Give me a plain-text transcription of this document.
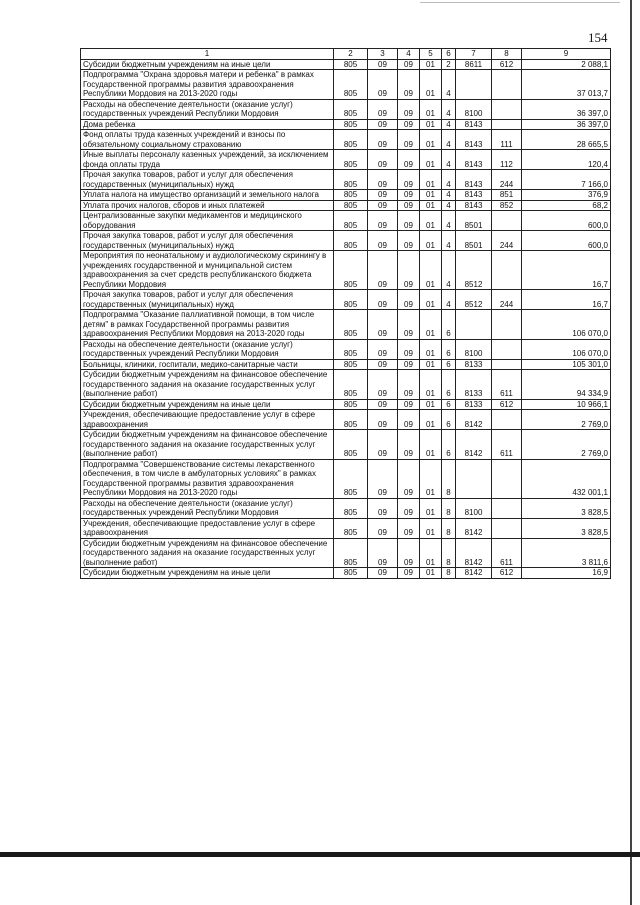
154
1	2	3	4	5	6	7	8	9
Субсидии бюджетным учреждениям на иные цели	805	09	09	01	2	8611	612	2 088,1
Подпрограмма "Охрана здоровья матери и ребенка" в рамках Государственной программы развития здравоохранения Республики Мордовия на 2013-2020 годы	805	09	09	01	4			37 013,7
Расходы на обеспечение деятельности (оказание услуг) государственных учреждений Республики Мордовия	805	09	09	01	4	8100		36 397,0
Дома ребенка	805	09	09	01	4	8143		36 397,0
Фонд оплаты труда казенных учреждений и взносы по обязательному социальному страхованию	805	09	09	01	4	8143	111	28 665,5
Иные выплаты персоналу казенных учреждений, за исключением фонда оплаты труда	805	09	09	01	4	8143	112	120,4
Прочая закупка товаров, работ и услуг для обеспечения государственных (муниципальных) нужд	805	09	09	01	4	8143	244	7 166,0
Уплата налога на имущество организаций и земельного налога	805	09	09	01	4	8143	851	376,9
Уплата прочих налогов, сборов и иных платежей	805	09	09	01	4	8143	852	68,2
Централизованные закупки медикаментов и медицинского оборудования	805	09	09	01	4	8501		600,0
Прочая закупка товаров, работ и услуг для обеспечения государственных (муниципальных) нужд	805	09	09	01	4	8501	244	600,0
Мероприятия по неонатальному и аудиологическому скринингу в учреждениях государственной и муниципальной систем здравоохранения за счет средств республиканского бюджета Республики Мордовия	805	09	09	01	4	8512		16,7
Прочая закупка товаров, работ и услуг для обеспечения государственных (муниципальных) нужд	805	09	09	01	4	8512	244	16,7
Подпрограмма "Оказание паллиативной помощи, в том числе детям" в рамках Государственной программы развития здравоохранения Республики Мордовия на 2013-2020 годы	805	09	09	01	6			106 070,0
Расходы на обеспечение деятельности (оказание услуг) государственных учреждений Республики Мордовия	805	09	09	01	6	8100		106 070,0
Больницы, клиники, госпитали, медико-санитарные части	805	09	09	01	6	8133		105 301,0
Субсидии бюджетным учреждениям на финансовое обеспечение государственного задания на оказание государственных услуг (выполнение работ)	805	09	09	01	6	8133	611	94 334,9
Субсидии бюджетным учреждениям на иные цели	805	09	09	01	6	8133	612	10 966,1
Учреждения, обеспечивающие предоставление услуг в сфере здравоохранения	805	09	09	01	6	8142		2 769,0
Субсидии бюджетным учреждениям на финансовое обеспечение государственного задания на оказание государственных услуг (выполнение работ)	805	09	09	01	6	8142	611	2 769,0
Подпрограмма "Совершенствование системы лекарственного обеспечения, в том числе в амбулаторных условиях" в рамках Государственной программы развития здравоохранения Республики Мордовия на 2013-2020 годы	805	09	09	01	8			432 001,1
Расходы на обеспечение деятельности (оказание услуг) государственных учреждений Республики Мордовия	805	09	09	01	8	8100		3 828,5
Учреждения, обеспечивающие предоставление услуг в сфере здравоохранения	805	09	09	01	8	8142		3 828,5
Субсидии бюджетным учреждениям на финансовое обеспечение государственного задания на оказание государственных услуг (выполнение работ)	805	09	09	01	8	8142	611	3 811,6
Субсидии бюджетным учреждениям на иные цели	805	09	09	01	8	8142	612	16,9
